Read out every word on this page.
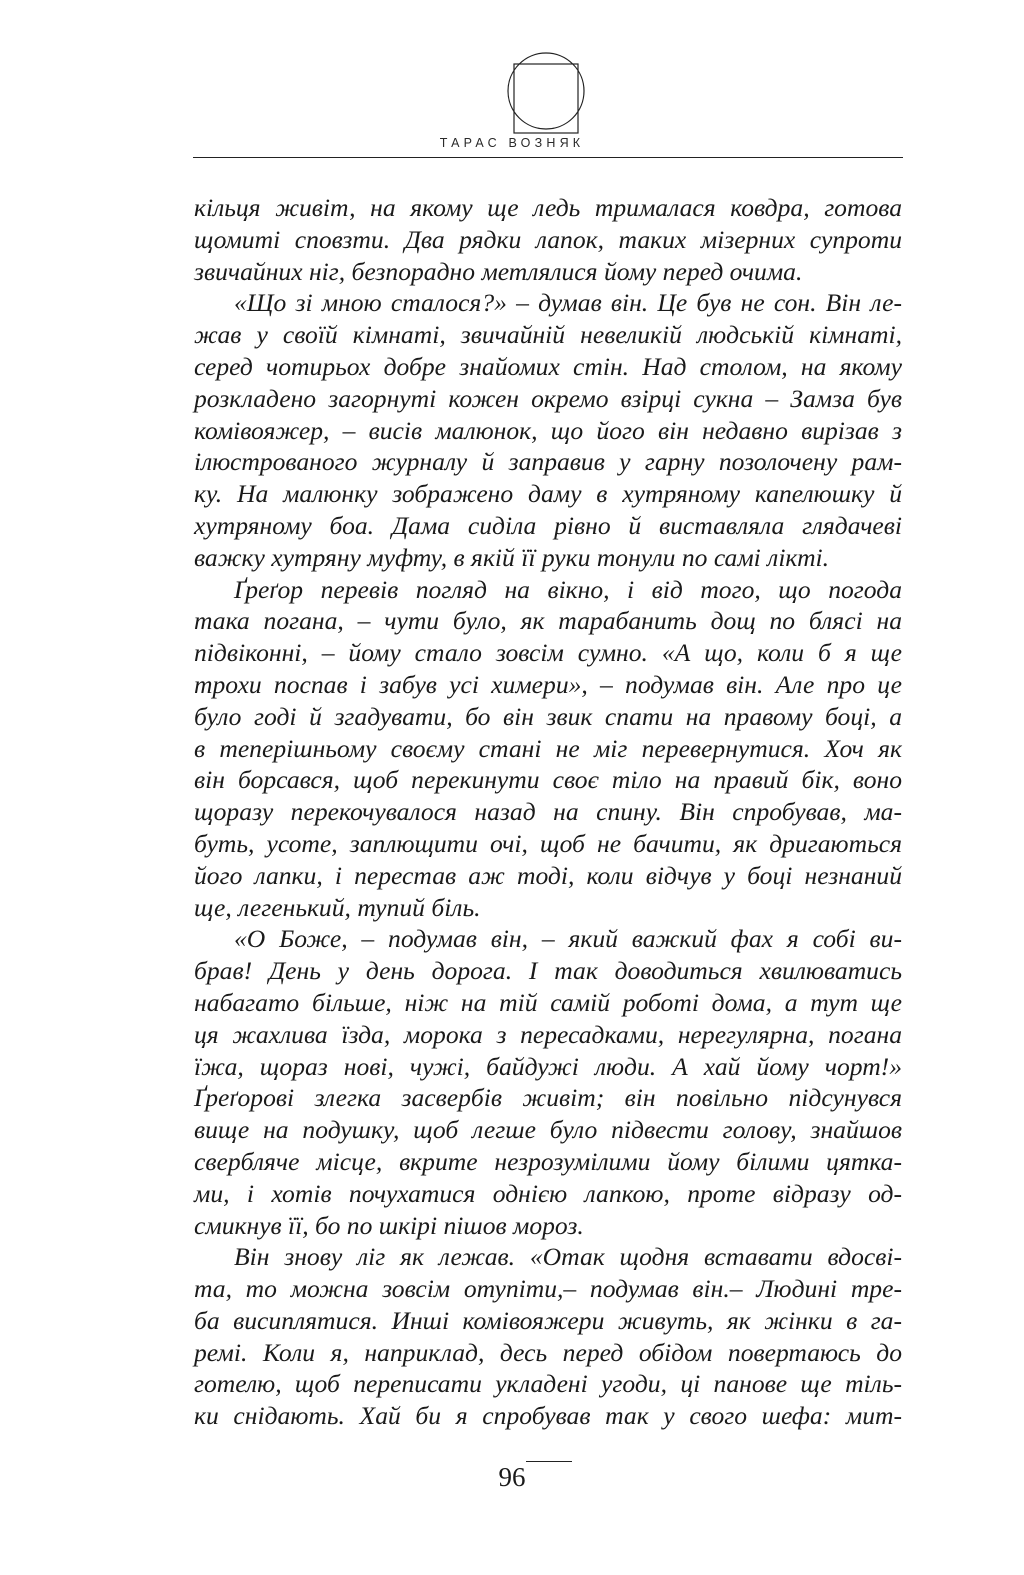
ТАРАС ВОЗНЯК
кільця живіт, на якому ще ледь трималася ковдра, готова
щомиті сповзти. Два рядки лапок, таких мізерних супроти
звичайних ніг, безпорадно метлялися йому перед очима.
«Що зі мною сталося?» – думав він. Це був не сон. Він ле-
жав у своїй кімнаті, звичайній невеликій людській кімнаті,
серед чотирьох добре знайомих стін. Над столом, на якому
розкладено загорнуті кожен окремо взірці сукна – Замза був
комівояжер, – висів малюнок, що його він недавно вирізав з
ілюстрованого журналу й заправив у гарну позолочену рам-
ку. На малюнку зображено даму в хутряному капелюшку й
хутряному боа. Дама сиділа рівно й виставляла глядачеві
важку хутряну муфту, в якій її руки тонули по самі лікті.
Ґреґор перевів погляд на вікно, і від того, що погода
така погана, – чути було, як тарабанить дощ по блясі на
підвіконні, – йому стало зовсім сумно. «А що, коли б я ще
трохи поспав і забув усі химери», – подумав він. Але про це
було годі й згадувати, бо він звик спати на правому боці, а
в теперішньому своєму стані не міг перевернутися. Хоч як
він борсався, щоб перекинути своє тіло на правий бік, воно
щоразу перекочувалося назад на спину. Він спробував, ма-
буть, усоте, заплющити очі, щоб не бачити, як дригаються
його лапки, і перестав аж тоді, коли відчув у боці незнаний
ще, легенький, тупий біль.
«О Боже, – подумав він, – який важкий фах я собі ви-
брав! День у день дорога. І так доводиться хвилюватись
набагато більше, ніж на тій самій роботі дома, а тут ще
ця жахлива їзда, морока з пересадками, нерегулярна, погана
їжа, щораз нові, чужі, байдужі люди. А хай йому чорт!»
Ґреґорові злегка засвербів живіт; він повільно підсунувся
вище на подушку, щоб легше було підвести голову, знайшов
сверблячe місце, вкрите незрозумілими йому білими цятка-
ми, і хотів почухатися однією лапкою, проте відразу од-
смикнув її, бо по шкірі пішов мороз.
Він знову ліг як лежав. «Отак щодня вставати вдосві-
та, то можна зовсім отупіти,– подумав він.– Людині тре-
ба висиплятися. Инші комівояжери живуть, як жінки в га-
ремі. Коли я, наприклад, десь перед обідом повертаюсь до
готелю, щоб переписати укладені угоди, ці панове ще тіль-
ки снідають. Хай би я спробував так у свого шефа: мит-
96
